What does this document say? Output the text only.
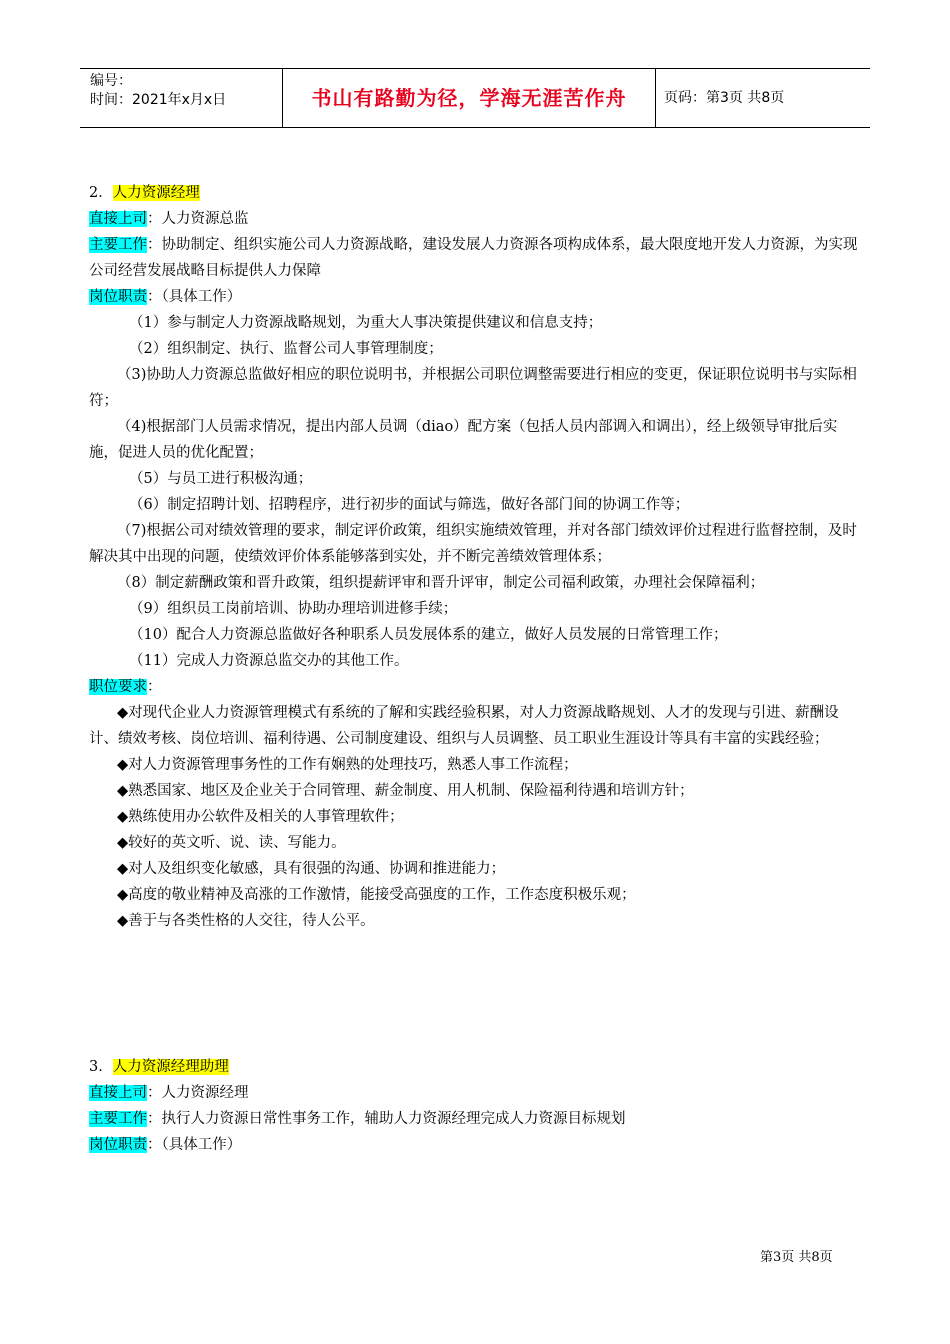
编号：
时间：2021年x月x日	书山有路勤为径，学海无涯苦作舟	页码：第3页 共8页

2．人力资源经理

直接上司：人力资源总监

主要工作：协助制定、组织实施公司人力资源战略，建设发展人力资源各项构成体系，最大限度地开发人力资源，为实现公司经营发展战略目标提供人力保障

岗位职责：（具体工作）

（1）参与制定人力资源战略规划，为重大人事决策提供建议和信息支持；

（2）组织制定、执行、监督公司人事管理制度；

（3)协助人力资源总监做好相应的职位说明书，并根据公司职位调整需要进行相应的变更，保证职位说明书与实际相符；

（4)根据部门人员需求情况，提出内部人员调（diao）配方案（包括人员内部调入和调出），经上级领导审批后实施，促进人员的优化配置；

（5）与员工进行积极沟通；

（6）制定招聘计划、招聘程序，进行初步的面试与筛选，做好各部门间的协调工作等；

（7)根据公司对绩效管理的要求，制定评价政策，组织实施绩效管理，并对各部门绩效评价过程进行监督控制，及时解决其中出现的问题，使绩效评价体系能够落到实处，并不断完善绩效管理体系；

（8）制定薪酬政策和晋升政策，组织提薪评审和晋升评审，制定公司福利政策，办理社会保障福利；

（9）组织员工岗前培训、协助办理培训进修手续；

（10）配合人力资源总监做好各种职系人员发展体系的建立，做好人员发展的日常管理工作；

（11）完成人力资源总监交办的其他工作。

职位要求：

◆对现代企业人力资源管理模式有系统的了解和实践经验积累，对人力资源战略规划、人才的发现与引进、薪酬设计、绩效考核、岗位培训、福利待遇、公司制度建设、组织与人员调整、员工职业生涯设计等具有丰富的实践经验；

◆对人力资源管理事务性的工作有娴熟的处理技巧，熟悉人事工作流程；

◆熟悉国家、地区及企业关于合同管理、薪金制度、用人机制、保险福利待遇和培训方针；

◆熟练使用办公软件及相关的人事管理软件；

◆较好的英文听、说、读、写能力。

◆对人及组织变化敏感，具有很强的沟通、协调和推进能力；

◆高度的敬业精神及高涨的工作激情，能接受高强度的工作，工作态度积极乐观；

◆善于与各类性格的人交往，待人公平。

3．人力资源经理助理

直接上司：人力资源经理

主要工作：执行人力资源日常性事务工作，辅助人力资源经理完成人力资源目标规划

岗位职责：（具体工作）

第3页 共8页
